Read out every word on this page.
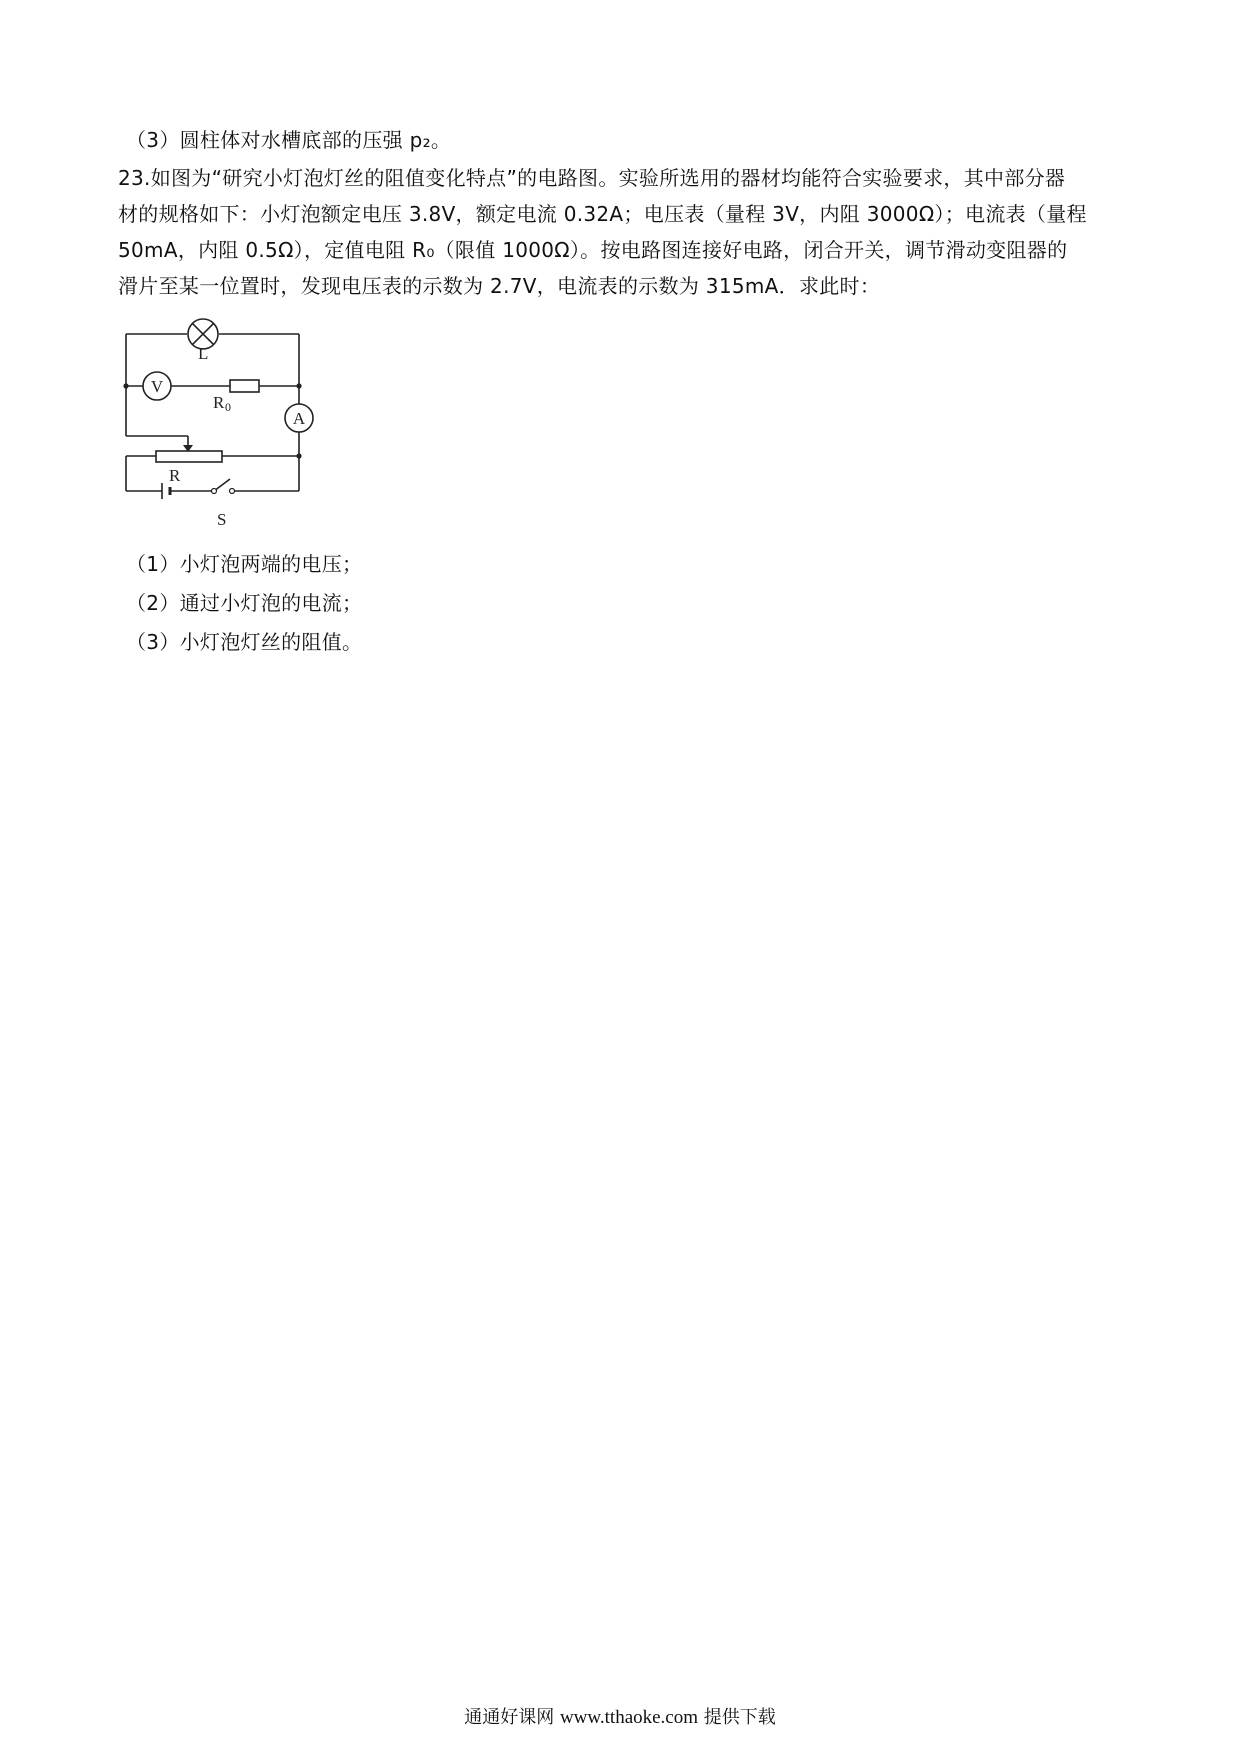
（3）圆柱体对水槽底部的压强 p₂。
23.如图为“研究小灯泡灯丝的阻值变化特点”的电路图。实验所选用的器材均能符合实验要求，其中部分器
材的规格如下：小灯泡额定电压 3.8V，额定电流 0.32A；电压表（量程 3V，内阻 3000Ω）；电流表（量程
50mA，内阻 0.5Ω），定值电阻 R₀（限值 1000Ω）。按电路图连接好电路，闭合开关，调节滑动变阻器的
滑片至某一位置时，发现电压表的示数为 2.7V，电流表的示数为 315mA．求此时：
V
A
L
R 0
R
S
（1）小灯泡两端的电压；
（2）通过小灯泡的电流；
（3）小灯泡灯丝的阻值。
通通好课网 www.tthaoke.com 提供下载
